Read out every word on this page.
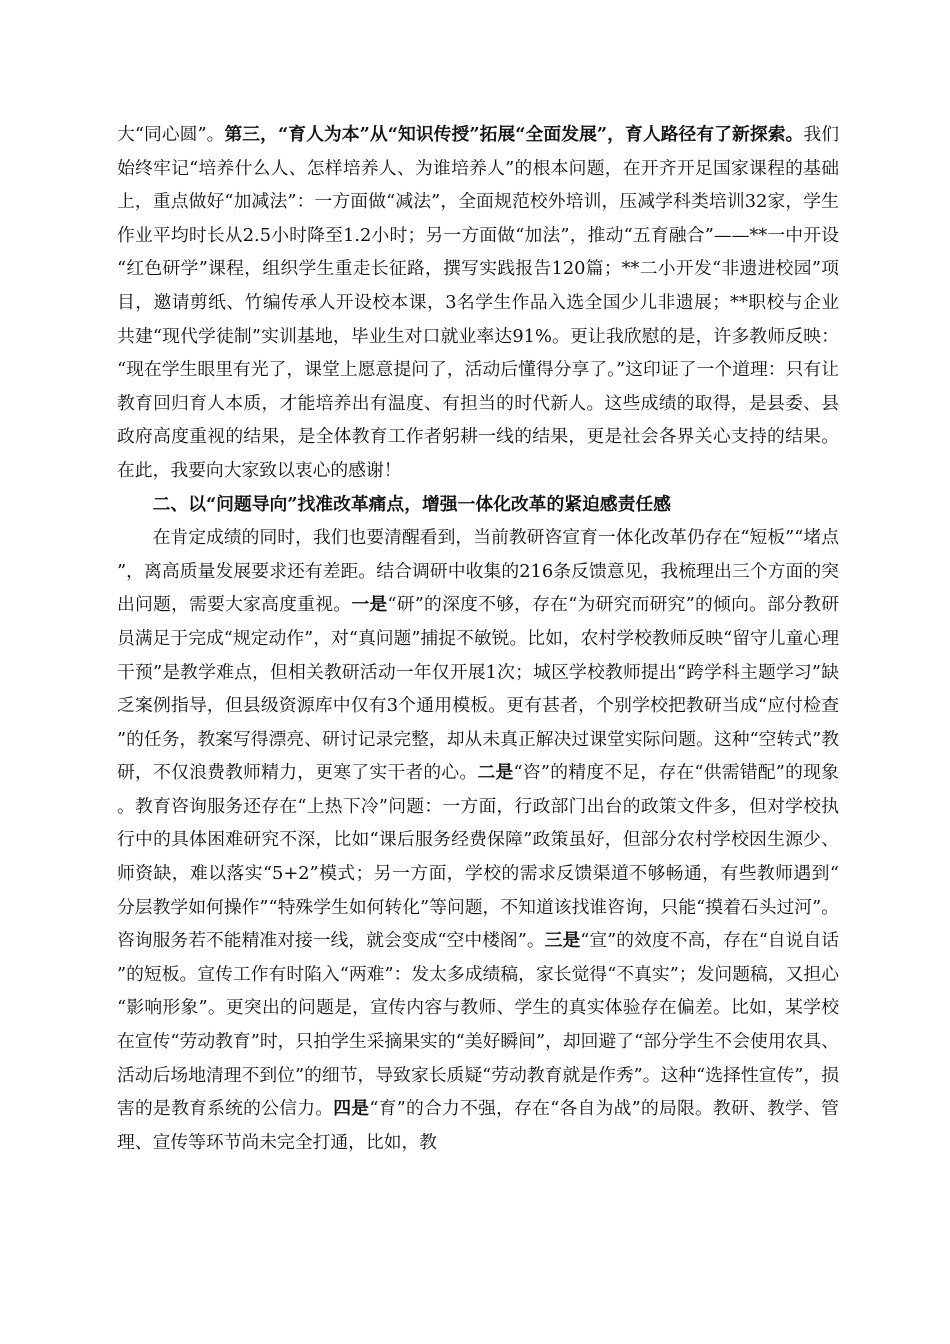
大“同心圆”。第三，“育人为本”从“知识传授”拓展“全面发展”，育人路径有了新探索。我们始终牢记“培养什么人、怎样培养人、为谁培养人”的根本问题，在开齐开足国家课程的基础上，重点做好“加减法”：一方面做“减法”，全面规范校外培训，压减学科类培训32家，学生作业平均时长从2.5小时降至1.2小时；另一方面做“加法”，推动“五育融合”——**一中开设“红色研学”课程，组织学生重走长征路，撰写实践报告120篇；**二小开发“非遗进校园”项目，邀请剪纸、竹编传承人开设校本课，3名学生作品入选全国少儿非遗展；**职校与企业共建“现代学徒制”实训基地，毕业生对口就业率达91%。更让我欣慰的是，许多教师反映：“现在学生眼里有光了，课堂上愿意提问了，活动后懂得分享了。”这印证了一个道理：只有让教育回归育人本质，才能培养出有温度、有担当的时代新人。这些成绩的取得，是县委、县政府高度重视的结果，是全体教育工作者躬耕一线的结果，更是社会各界关心支持的结果。在此，我要向大家致以衷心的感谢！

二、以“问题导向”找准改革痛点，增强一体化改革的紧迫感责任感

在肯定成绩的同时，我们也要清醒看到，当前教研咨宣育一体化改革仍存在“短板”“堵点”，离高质量发展要求还有差距。结合调研中收集的216条反馈意见，我梳理出三个方面的突出问题，需要大家高度重视。一是“研”的深度不够，存在“为研究而研究”的倾向。部分教研员满足于完成“规定动作”，对“真问题”捕捉不敏锐。比如，农村学校教师反映“留守儿童心理干预”是教学难点，但相关教研活动一年仅开展1次；城区学校教师提出“跨学科主题学习”缺乏案例指导，但县级资源库中仅有3个通用模板。更有甚者，个别学校把教研当成“应付检查”的任务，教案写得漂亮、研讨记录完整，却从未真正解决过课堂实际问题。这种“空转式”教研，不仅浪费教师精力，更寒了实干者的心。二是“咨”的精度不足，存在“供需错配”的现象。教育咨询服务还存在“上热下冷”问题：一方面，行政部门出台的政策文件多，但对学校执行中的具体困难研究不深，比如“课后服务经费保障”政策虽好，但部分农村学校因生源少、师资缺，难以落实“5+2”模式；另一方面，学校的需求反馈渠道不够畅通，有些教师遇到“分层教学如何操作”“特殊学生如何转化”等问题，不知道该找谁咨询，只能“摸着石头过河”。咨询服务若不能精准对接一线，就会变成“空中楼阁”。三是“宣”的效度不高，存在“自说自话”的短板。宣传工作有时陷入“两难”：发太多成绩稿，家长觉得“不真实”；发问题稿，又担心“影响形象”。更突出的问题是，宣传内容与教师、学生的真实体验存在偏差。比如，某学校在宣传“劳动教育”时，只拍学生采摘果实的“美好瞬间”，却回避了“部分学生不会使用农具、活动后场地清理不到位”的细节，导致家长质疑“劳动教育就是作秀”。这种“选择性宣传”，损害的是教育系统的公信力。四是“育”的合力不强，存在“各自为战”的局限。教研、教学、管理、宣传等环节尚未完全打通，比如，教
